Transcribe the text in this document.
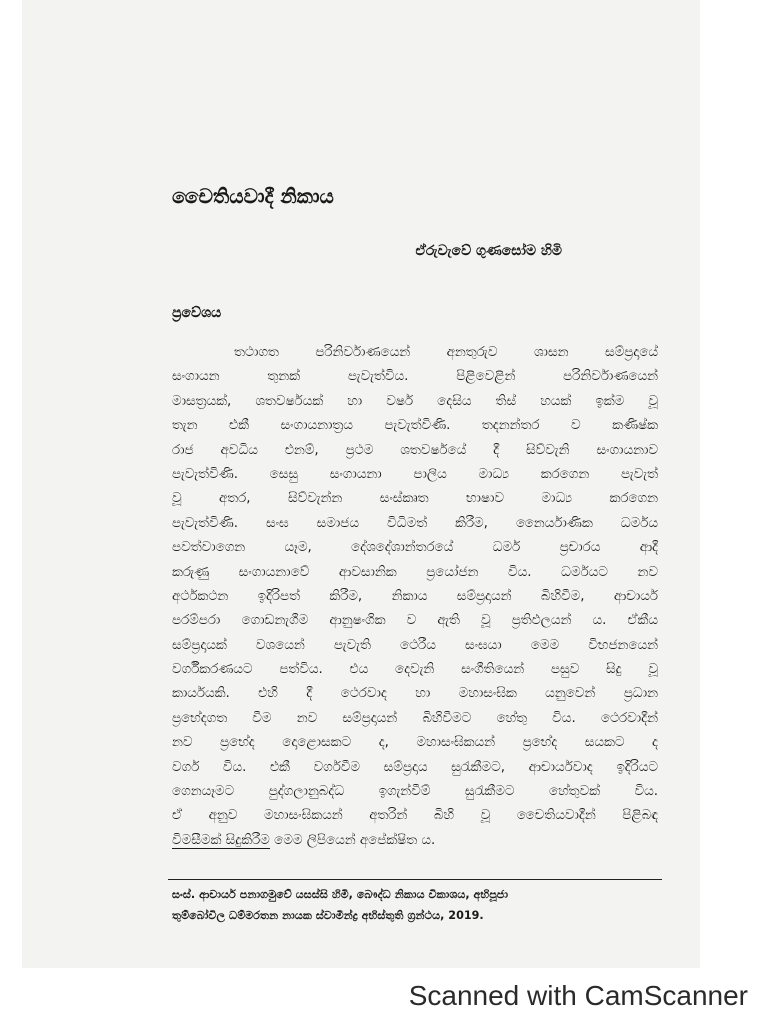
චෛතියවාදී නිකාය
ඒරුවැවේ ගුණසෝම හිමි
ප්‍රවේශය
තථාගත පරිනිර්වාණයෙන් අනතුරුව ශාසන සම්ප්‍රදායේ
සංගායන තුනක් පැවැත්විය. පිළිවෙළින් පරිනිර්වාණයෙන්
මාසත්‍රයක්, ශතවර්ෂයක් හා වර්ෂ දෙසිය තිස් හයක් ඉක්ම වූ
තැන එකී සංගායනාත්‍රය පැවැත්විණි. තදනන්තර ව කණිෂ්ක
රාජ අවධිය එනම්, ප්‍රථම ශතවර්ෂයේ දී සිව්වැනි සංගායනාව
පැවැත්විණි. සෙසු සංගායනා පාලිය මාධ්‍ය කරගෙන පැවැත්
වූ අතර, සිව්වැන්න සංස්කෘත භාෂාව මාධ්‍ය කරගෙන
පැවැත්විණි. සංඝ සමාජය විධිමත් කිරීම, නෛර්යාණික ධර්මය
පවත්වාගෙන යෑම, දේශදේශාන්තරයේ ධර්ම ප්‍රචාරය ආදී
කරුණු සංගායනාවේ ආවසානික ප්‍රයෝජන විය. ධර්මයට නව
අර්ථකථන ඉදිරිපත් කිරීම, නිකාය සම්ප්‍රදායන් බිහිවීම, ආචාර්ය
පරම්පරා ගොඩනැගීම ආනුෂංගික ව ඇති වූ ප්‍රතිඵලයන් ය. ඒකීය
සම්ප්‍රදායක් වශයෙන් පැවැති ථෙරීය සංඝයා මෙම විභජනයෙන්
වර්ගීකරණයට පත්විය. එය දෙවැනි සංගීතියෙන් පසුව සිදු වූ
කාර්යයකි. එහි දී ථෙරවාද හා මහාසංඝික යනුවෙන් ප්‍රධාන
ප්‍රභේදගත වීම නව සම්ප්‍රදායන් බිහිවීමට හේතු විය. ථෙරවාදීන්
නව ප්‍රභේද දොළොසකට ද, මහාසංඝිකයන් ප්‍රභේද සයකට ද
වර්ග විය. එකී වර්ගවීම සම්ප්‍රදාය සුරැකීමට, ආචාර්යවාද ඉදිරියට
ගෙනයෑමට පුද්ගලානුබද්ධ ඉගැන්වීම් සුරැකීමට හේතුවක් විය.
ඒ අනුව මහාසංඝිකයන් අතරින් බිහි වූ චෛතියවාදීන් පිළිබඳ
විමසීමක් සිදුකිරීම මෙම ලිපියෙන් අපේක්ෂිත ය.
සංස්. ආචාර්ය පනාගමුවේ යසස්සි හිමි, බෞද්ධ නිකාය විකාශය, අභිපූජා
තුම්බෝවිල ධම්මරතන නායක ස්වාමීන්ද්‍ර අභිස්තුති ග්‍රන්ථය, 2019.
Scanned with CamScanner
